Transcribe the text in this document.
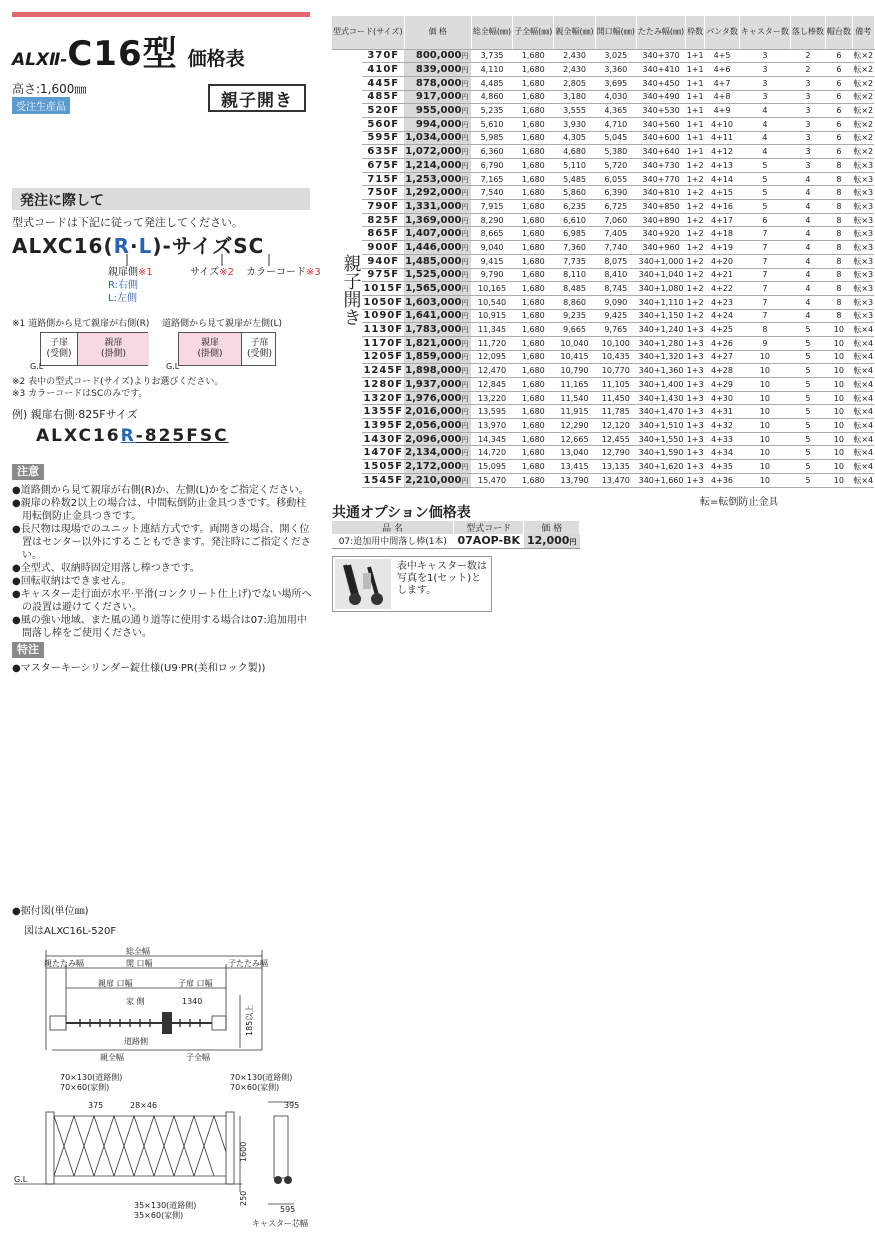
ALXⅡ-C16型 価格表
高さ:1,600㎜
受注生産品	親子開き
発注に際して
型式コードは下記に従って発注してください。
ALXC16(R·L)-サイズSC
親扉側※1
R:右側
L:左側
サイズ※2 カラーコード※3
※1 道路側から見て親扉が右側(R) 道路側から見て親扉が左側(L)
子扉
(受側)
親扉
(掛側)
G.L
親扉
(掛側)
子扉
(受側)
G.L
※2 表中の型式コード(サイズ)よりお選びください。
※3 カラーコードはSCのみです。
例) 親扉右側·825Fサイズ
ALXC16R-825FSC
注意
●道路側から見て親扉が右側(R)か、左側(L)かをご指定ください。
●親扉の枠数2以上の場合は、中間転倒防止金具つきです。移動柱用転倒防止金具つきです。
●長尺物は現場でのユニット連結方式です。両開きの場合、開く位置はセンター以外にすることもできます。発注時にご指定ください。
●全型式、収納時固定用落し棒つきです。
●回転収納はできません。
●キャスター走行面が水平·平滑(コンクリート仕上げ)でない場所への設置は避けてください。
●風の強い地域、また風の通り道等に使用する場合は07:追加用中間落し棒をご使用ください。
特注
●マスターキーシリンダー錠仕様(U9·PR(美和ロック製))
型式コード(サイズ)		価 格	総全幅(㎜)	子全幅(㎜)	親全幅(㎜)	開口幅(㎜)	たたみ幅(㎜)	枠数	パンタ数	キャスター数	落し棒数	帽台数	備考
親子開き	370F	800,000円	3,735	1,680	2,430	3,025	340+370	1+1	4+5	3	2	6	転×2
	410F	839,000円	4,110	1,680	2,430	3,360	340+410	1+1	4+6	3	2	6	転×2
	445F	878,000円	4,485	1,680	2,805	3,695	340+450	1+1	4+7	3	3	6	転×2
	485F	917,000円	4,860	1,680	3,180	4,030	340+490	1+1	4+8	3	3	6	転×2
	520F	955,000円	5,235	1,680	3,555	4,365	340+530	1+1	4+9	4	3	6	転×2
	560F	994,000円	5,610	1,680	3,930	4,710	340+560	1+1	4+10	4	3	6	転×2
	595F	1,034,000円	5,985	1,680	4,305	5,045	340+600	1+1	4+11	4	3	6	転×2
	635F	1,072,000円	6,360	1,680	4,680	5,380	340+640	1+1	4+12	4	3	6	転×2
	675F	1,214,000円	6,790	1,680	5,110	5,720	340+730	1+2	4+13	5	3	8	転×3
	715F	1,253,000円	7,165	1,680	5,485	6,055	340+770	1+2	4+14	5	4	8	転×3
	750F	1,292,000円	7,540	1,680	5,860	6,390	340+810	1+2	4+15	5	4	8	転×3
	790F	1,331,000円	7,915	1,680	6,235	6,725	340+850	1+2	4+16	5	4	8	転×3
	825F	1,369,000円	8,290	1,680	6,610	7,060	340+890	1+2	4+17	6	4	8	転×3
	865F	1,407,000円	8,665	1,680	6,985	7,405	340+920	1+2	4+18	7	4	8	転×3
	900F	1,446,000円	9,040	1,680	7,360	7,740	340+960	1+2	4+19	7	4	8	転×3
	940F	1,485,000円	9,415	1,680	7,735	8,075	340+1,000	1+2	4+20	7	4	8	転×3
	975F	1,525,000円	9,790	1,680	8,110	8,410	340+1,040	1+2	4+21	7	4	8	転×3
	1015F	1,565,000円	10,165	1,680	8,485	8,745	340+1,080	1+2	4+22	7	4	8	転×3
	1050F	1,603,000円	10,540	1,680	8,860	9,090	340+1,110	1+2	4+23	7	4	8	転×3
	1090F	1,641,000円	10,915	1,680	9,235	9,425	340+1,150	1+2	4+24	7	4	8	転×3
	1130F	1,783,000円	11,345	1,680	9,665	9,765	340+1,240	1+3	4+25	8	5	10	転×4
	1170F	1,821,000円	11,720	1,680	10,040	10,100	340+1,280	1+3	4+26	9	5	10	転×4
	1205F	1,859,000円	12,095	1,680	10,415	10,435	340+1,320	1+3	4+27	10	5	10	転×4
	1245F	1,898,000円	12,470	1,680	10,790	10,770	340+1,360	1+3	4+28	10	5	10	転×4
	1280F	1,937,000円	12,845	1,680	11,165	11,105	340+1,400	1+3	4+29	10	5	10	転×4
	1320F	1,976,000円	13,220	1,680	11,540	11,450	340+1,430	1+3	4+30	10	5	10	転×4
	1355F	2,016,000円	13,595	1,680	11,915	11,785	340+1,470	1+3	4+31	10	5	10	転×4
	1395F	2,056,000円	13,970	1,680	12,290	12,120	340+1,510	1+3	4+32	10	5	10	転×4
	1430F	2,096,000円	14,345	1,680	12,665	12,455	340+1,550	1+3	4+33	10	5	10	転×4
	1470F	2,134,000円	14,720	1,680	13,040	12,790	340+1,590	1+3	4+34	10	5	10	転×4
	1505F	2,172,000円	15,095	1,680	13,415	13,135	340+1,620	1+3	4+35	10	5	10	転×4
	1545F	2,210,000円	15,470	1,680	13,790	13,470	340+1,660	1+3	4+36	10	5	10	転×4
転=転倒防止金具
共通オプション価格表
品 名	型式コード	価 格
07:追加用中間落し棒(1本)	07AOP-BK	12,000円
表中キャスター数は写真を1(セット)とします。
●据付図(単位㎜)
図はALXC16L-520F
総全幅
親たたみ幅	開 口幅	子たたみ幅
親扉 口幅	子扉 口幅
家 側	1340
道路側
親全幅	子全幅
185以上
70×130(道路側)
70×60(家側)
70×130(道路側)
70×60(家側)
375	28×46	395
G.L
35×130(道路側)
35×60(家側)
595
キャスター芯幅
1600
250
